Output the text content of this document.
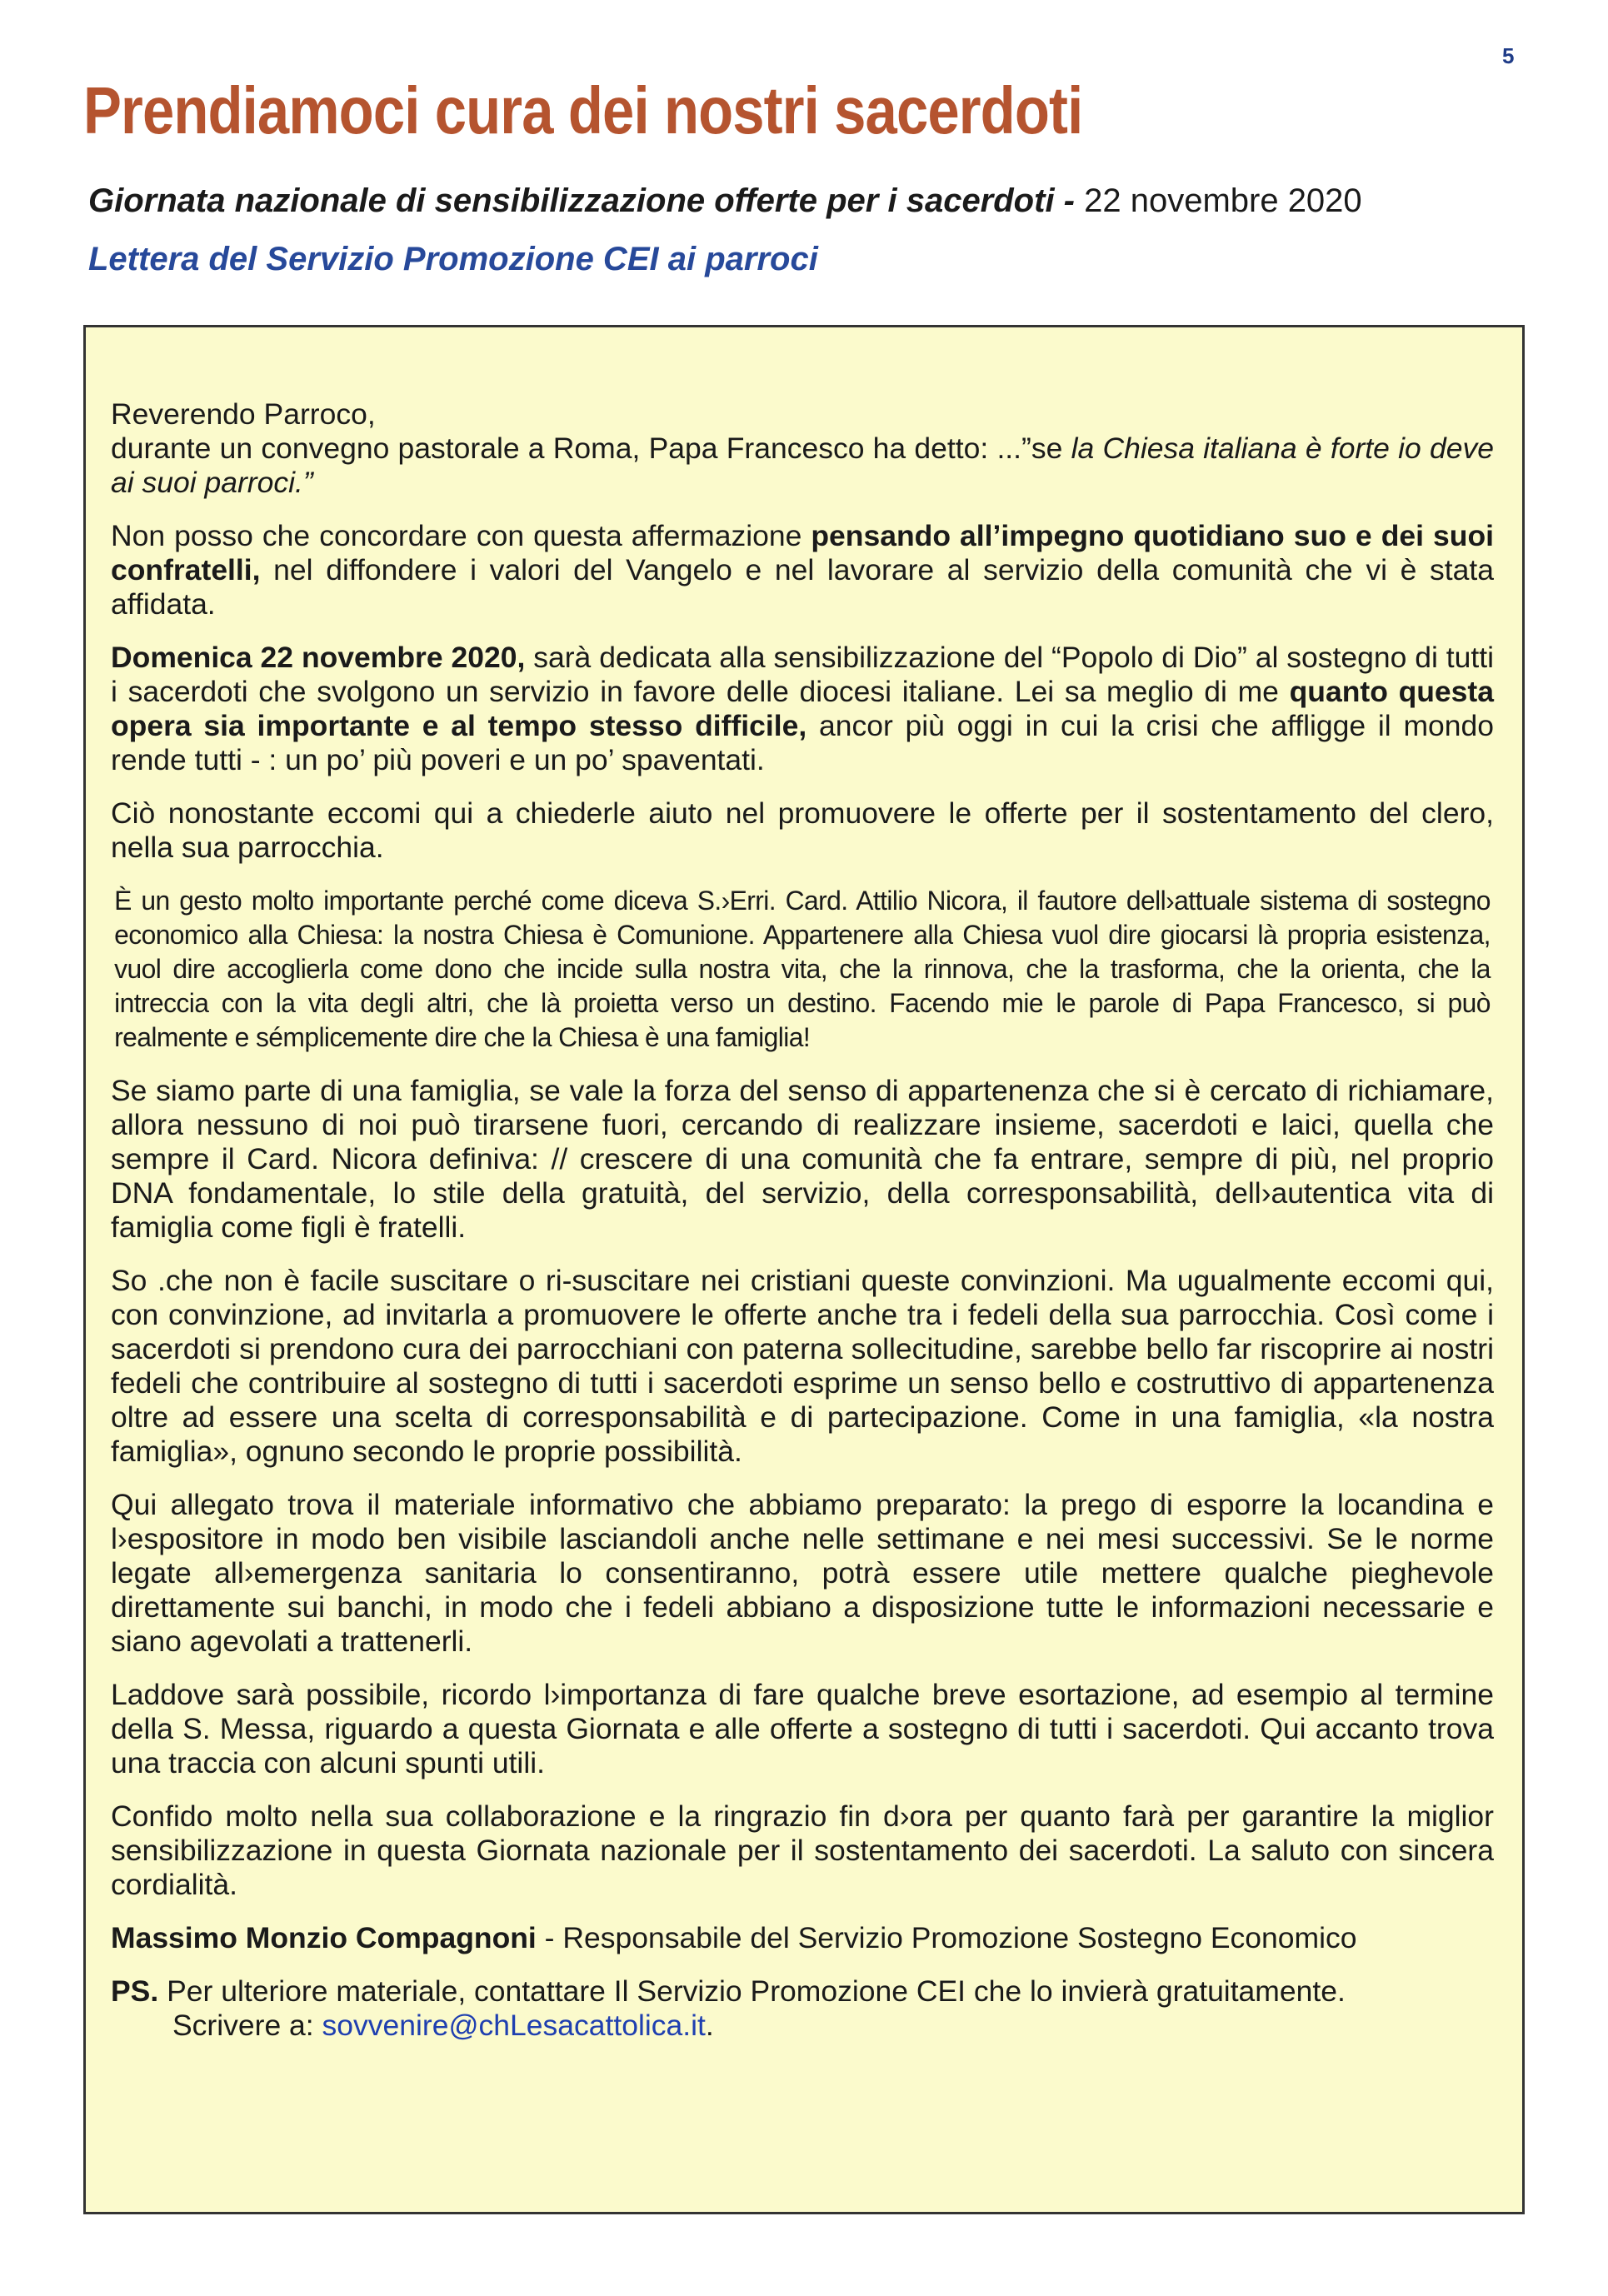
5
Prendiamoci cura dei nostri sacerdoti
Giornata nazionale di sensibilizzazione offerte per i sacerdoti - 22 novembre 2020
Lettera del Servizio Promozione CEI ai parroci

Reverendo Parroco,

durante un convegno pastorale a Roma, Papa Francesco ha detto: ...”se la Chiesa italiana è forte io deve ai suoi parroci.”

Non posso che concordare con questa affermazione pensando all’impegno quotidiano suo e dei suoi confratelli, nel diffondere i valori del Vangelo e nel lavorare al servizio della comunità che vi è stata affidata.

Domenica 22 novembre 2020, sarà dedicata alla sensibilizzazione del “Popolo di Dio” al sostegno di tutti i sacerdoti che svolgono un servizio in favore delle diocesi italiane. Lei sa meglio di me quanto questa opera sia importante e al tempo stesso difficile, ancor più oggi in cui la crisi che affligge il mondo rende tutti - : un po’ più poveri e un po’ spaventati.

Ciò nonostante eccomi qui a chiederle aiuto nel promuovere le offerte per il sostentamento del clero, nella sua parrocchia.

È un gesto molto importante perché come diceva S.›Erri. Card. Attilio Nicora, il fautore dell›attuale sistema di sostegno economico alla Chiesa: la nostra Chiesa è Comunione. Appartenere alla Chiesa vuol dire giocarsi là propria esistenza, vuol dire accoglierla come dono che incide sulla nostra vita, che la rinnova, che la trasforma, che la orienta, che la intreccia con la vita degli altri, che là proietta verso un destino. Facendo mie le parole di Papa Francesco, si può realmente e sémplicemente dire che la Chiesa è una famiglia!

Se siamo parte di una famiglia, se vale la forza del senso di appartenenza che si è cercato di richiamare, allora nessuno di noi può tirarsene fuori, cercando di realizzare insieme, sacerdoti e laici, quella che sempre il Card. Nicora definiva: // crescere di una comunità che fa entrare, sempre di più, nel proprio DNA fondamentale, lo stile della gratuità, del servizio, della corresponsabilità, dell›autentica vita di famiglia come figli è fratelli.

So .che non è facile suscitare o ri-suscitare nei cristiani queste convinzioni. Ma ugualmente eccomi qui, con convinzione, ad invitarla a promuovere le offerte anche tra i fedeli della sua parrocchia. Così come i sacerdoti si prendono cura dei parrocchiani con paterna sollecitudine, sarebbe bello far riscoprire ai nostri fedeli che contribuire al sostegno di tutti i sacerdoti esprime un senso bello e costruttivo di appartenenza oltre ad essere una scelta di corresponsabilità e di partecipazione. Come in una famiglia, «la nostra famiglia», ognuno secondo le proprie possibilità.

Qui allegato trova il materiale informativo che abbiamo preparato: la prego di esporre la locandina e l›espositore in modo ben visibile lasciandoli anche nelle settimane e nei mesi successivi. Se le norme legate all›emergenza sanitaria lo consentiranno, potrà essere utile mettere qualche pieghevole direttamente sui banchi, in modo che i fedeli abbiano a disposizione tutte le informazioni necessarie e siano agevolati a trattenerli.

Laddove sarà possibile, ricordo l›importanza di fare qualche breve esortazione, ad esempio al termine della S. Messa, riguardo a questa Giornata e alle offerte a sostegno di tutti i sacerdoti. Qui accanto trova una traccia con alcuni spunti utili.

Confido molto nella sua collaborazione e la ringrazio fin d›ora per quanto farà per garantire la miglior sensibilizzazione in questa Giornata nazionale per il sostentamento dei sacerdoti. La saluto con sincera cordialità.

Massimo Monzio Compagnoni - Responsabile del Servizio Promozione Sostegno Economico

PS. Per ulteriore materiale, contattare Il Servizio Promozione CEI che lo invierà gratuitamente.
Scrivere a: sovvenire@chLesacattolica.it.
